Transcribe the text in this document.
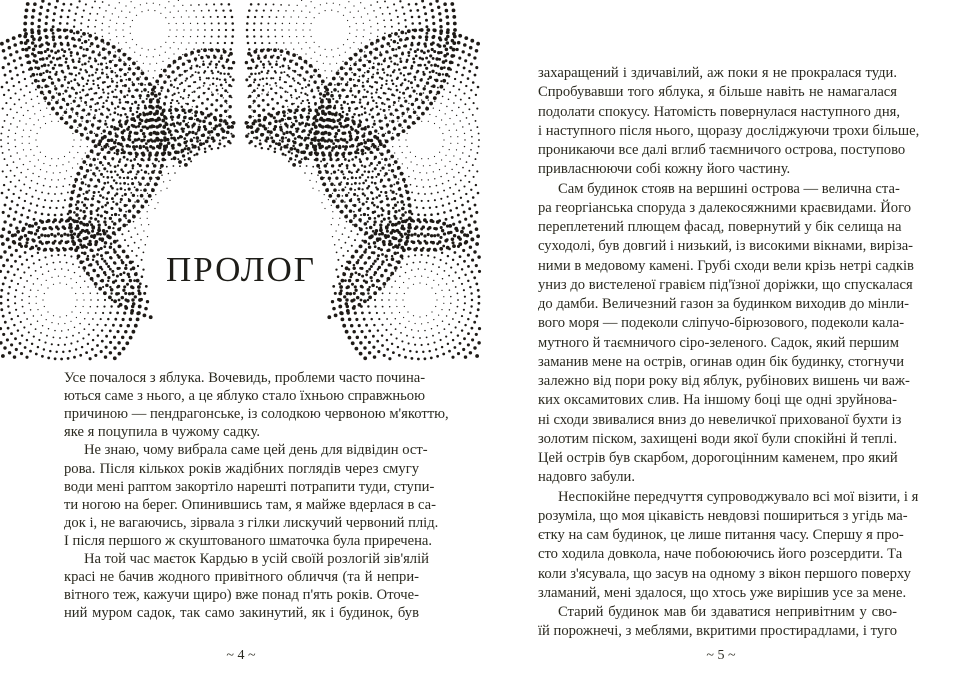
ПРОЛОГ
Усе почалося з яблука. Вочевидь, проблеми часто почина-
ються саме з нього, а це яблуко стало їхньою справжньою
причиною — пендрагонське, із солодкою червоною м'якоттю,
яке я поцупила в чужому садку.
Не знаю, чому вибрала саме цей день для відвідин ост-
рова. Після кількох років жадібних поглядів через смугу
води мені раптом закортіло нарешті потрапити туди, ступи-
ти ногою на берег. Опинившись там, я майже вдерлася в са-
док і, не вагаючись, зірвала з гілки лискучий червоний плід.
І після першого ж скуштованого шматочка була приречена.
На той час маєток Кардью в усій своїй розлогій зів'ялій
красі не бачив жодного привітного обличчя (та й непри-
вітного теж, кажучи щиро) вже понад п'ять років. Оточе-
ний муром садок, так само закинутий, як і будинок, був
~ 4 ~
захаращений і здичавілий, аж поки я не прокралася туди.
Спробувавши того яблука, я більше навіть не намагалася
подолати спокусу. Натомість повернулася наступного дня,
і наступного після нього, щоразу досліджуючи трохи більше,
проникаючи все далі вглиб таємничого острова, поступово
привласнюючи собі кожну його частину.
Сам будинок стояв на вершині острова — велична ста-
ра георгіанська споруда з далекосяжними краєвидами. Його
переплетений плющем фасад, повернутий у бік селища на
суходолі, був довгий і низький, із високими вікнами, виріза-
ними в медовому камені. Грубі сходи вели крізь нетрі садків
униз до вистеленої гравієм під'їзної доріжки, що спускалася
до дамби. Величезний газон за будинком виходив до мінли-
вого моря — подеколи сліпучо-бірюзового, подеколи кала-
мутного й таємничого сіро-зеленого. Садок, який першим
заманив мене на острів, огинав один бік будинку, стогнучи
залежно від пори року від яблук, рубінових вишень чи важ-
ких оксамитових слив. На іншому боці ще одні зруйнова-
ні сходи звивалися вниз до невеличкої прихованої бухти із
золотим піском, захищені води якої були спокійні й теплі.
Цей острів був скарбом, дорогоцінним каменем, про який
надовго забули.
Неспокійне передчуття супроводжувало всі мої візити, і я
розуміла, що моя цікавість невдовзі пошириться з угідь ма-
єтку на сам будинок, це лише питання часу. Спершу я про-
сто ходила довкола, наче побоюючись його розсердити. Та
коли з'ясувала, що засув на одному з вікон першого поверху
зламаний, мені здалося, що хтось уже вирішив усе за мене.
Старий будинок мав би здаватися непривітним у сво-
їй порожнечі, з меблями, вкритими простирадлами, і туго
~ 5 ~
